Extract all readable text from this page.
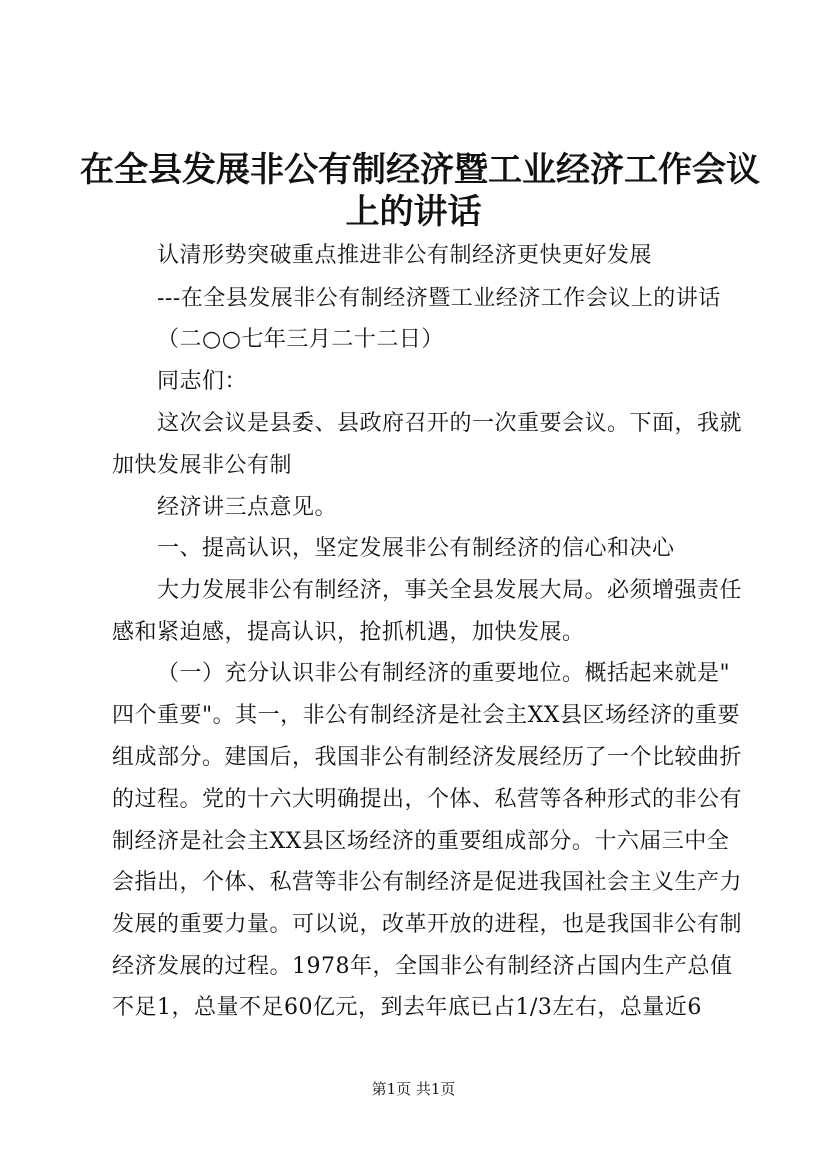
在全县发展非公有制经济暨工业经济工作会议
上的讲话
认清形势突破重点推进非公有制经济更快更好发展
---在全县发展非公有制经济暨工业经济工作会议上的讲话
（二○○七年三月二十二日）
同志们：
这次会议是县委、县政府召开的一次重要会议。下面，我就
加快发展非公有制
经济讲三点意见。
一、提高认识，坚定发展非公有制经济的信心和决心
大力发展非公有制经济，事关全县发展大局。必须增强责任
感和紧迫感，提高认识，抢抓机遇，加快发展。
（一）充分认识非公有制经济的重要地位。概括起来就是"
四个重要"。其一，非公有制经济是社会主XX县区场经济的重要
组成部分。建国后，我国非公有制经济发展经历了一个比较曲折
的过程。党的十六大明确提出，个体、私营等各种形式的非公有
制经济是社会主XX县区场经济的重要组成部分。十六届三中全
会指出，个体、私营等非公有制经济是促进我国社会主义生产力
发展的重要力量。可以说，改革开放的进程，也是我国非公有制
经济发展的过程。1978年，全国非公有制经济占国内生产总值
不足1，总量不足60亿元，到去年底已占1/3左右，总量近6
第1页 共1页
